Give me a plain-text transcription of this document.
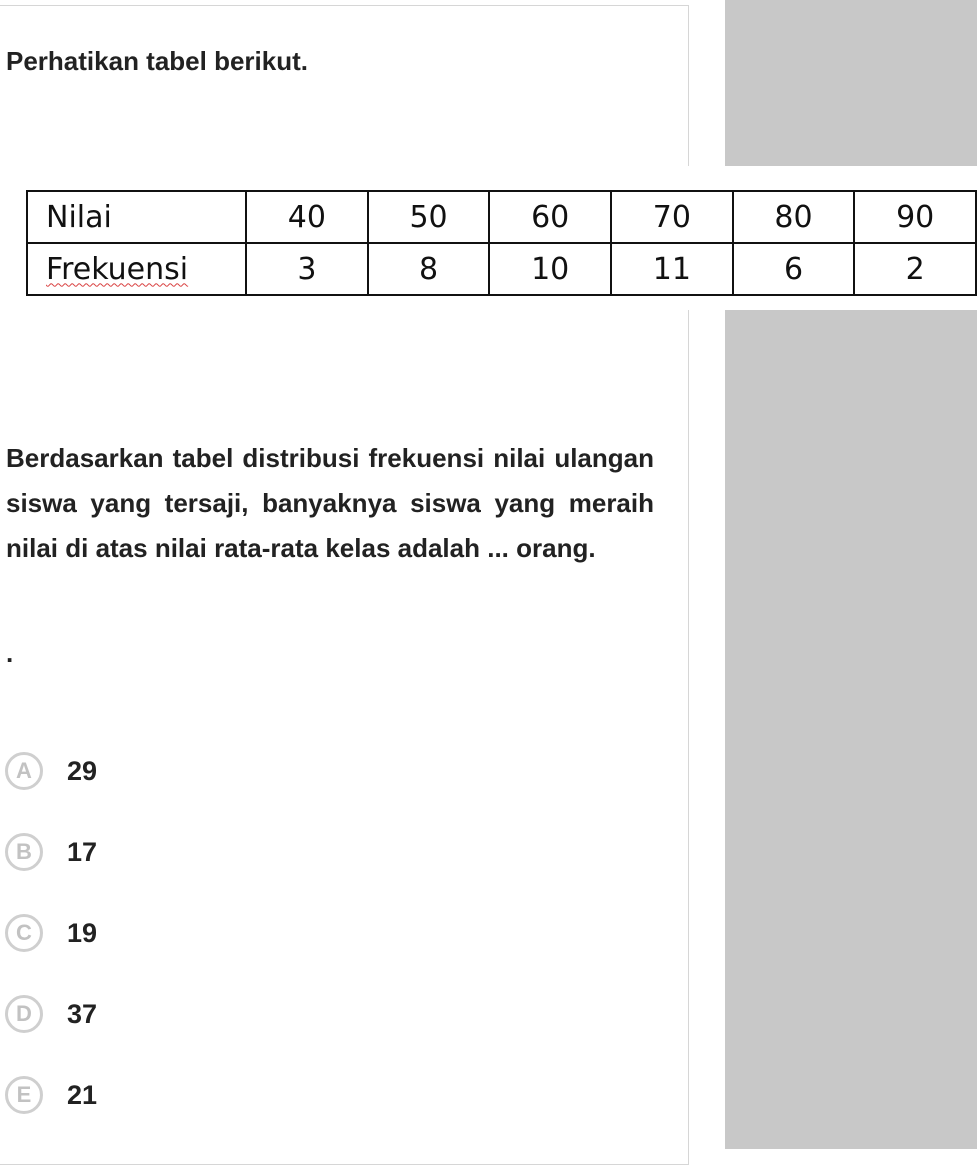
Perhatikan tabel berikut.

Nilai	40	50	60	70	80	90
Frekuensi	3	8	10	11	6	2

Berdasarkan tabel distribusi frekuensi nilai ulangan siswa yang tersaji, banyaknya siswa yang meraih nilai di atas nilai rata-rata kelas adalah ... orang.

.

A	29
B	17
C	19
D	37
E	21
